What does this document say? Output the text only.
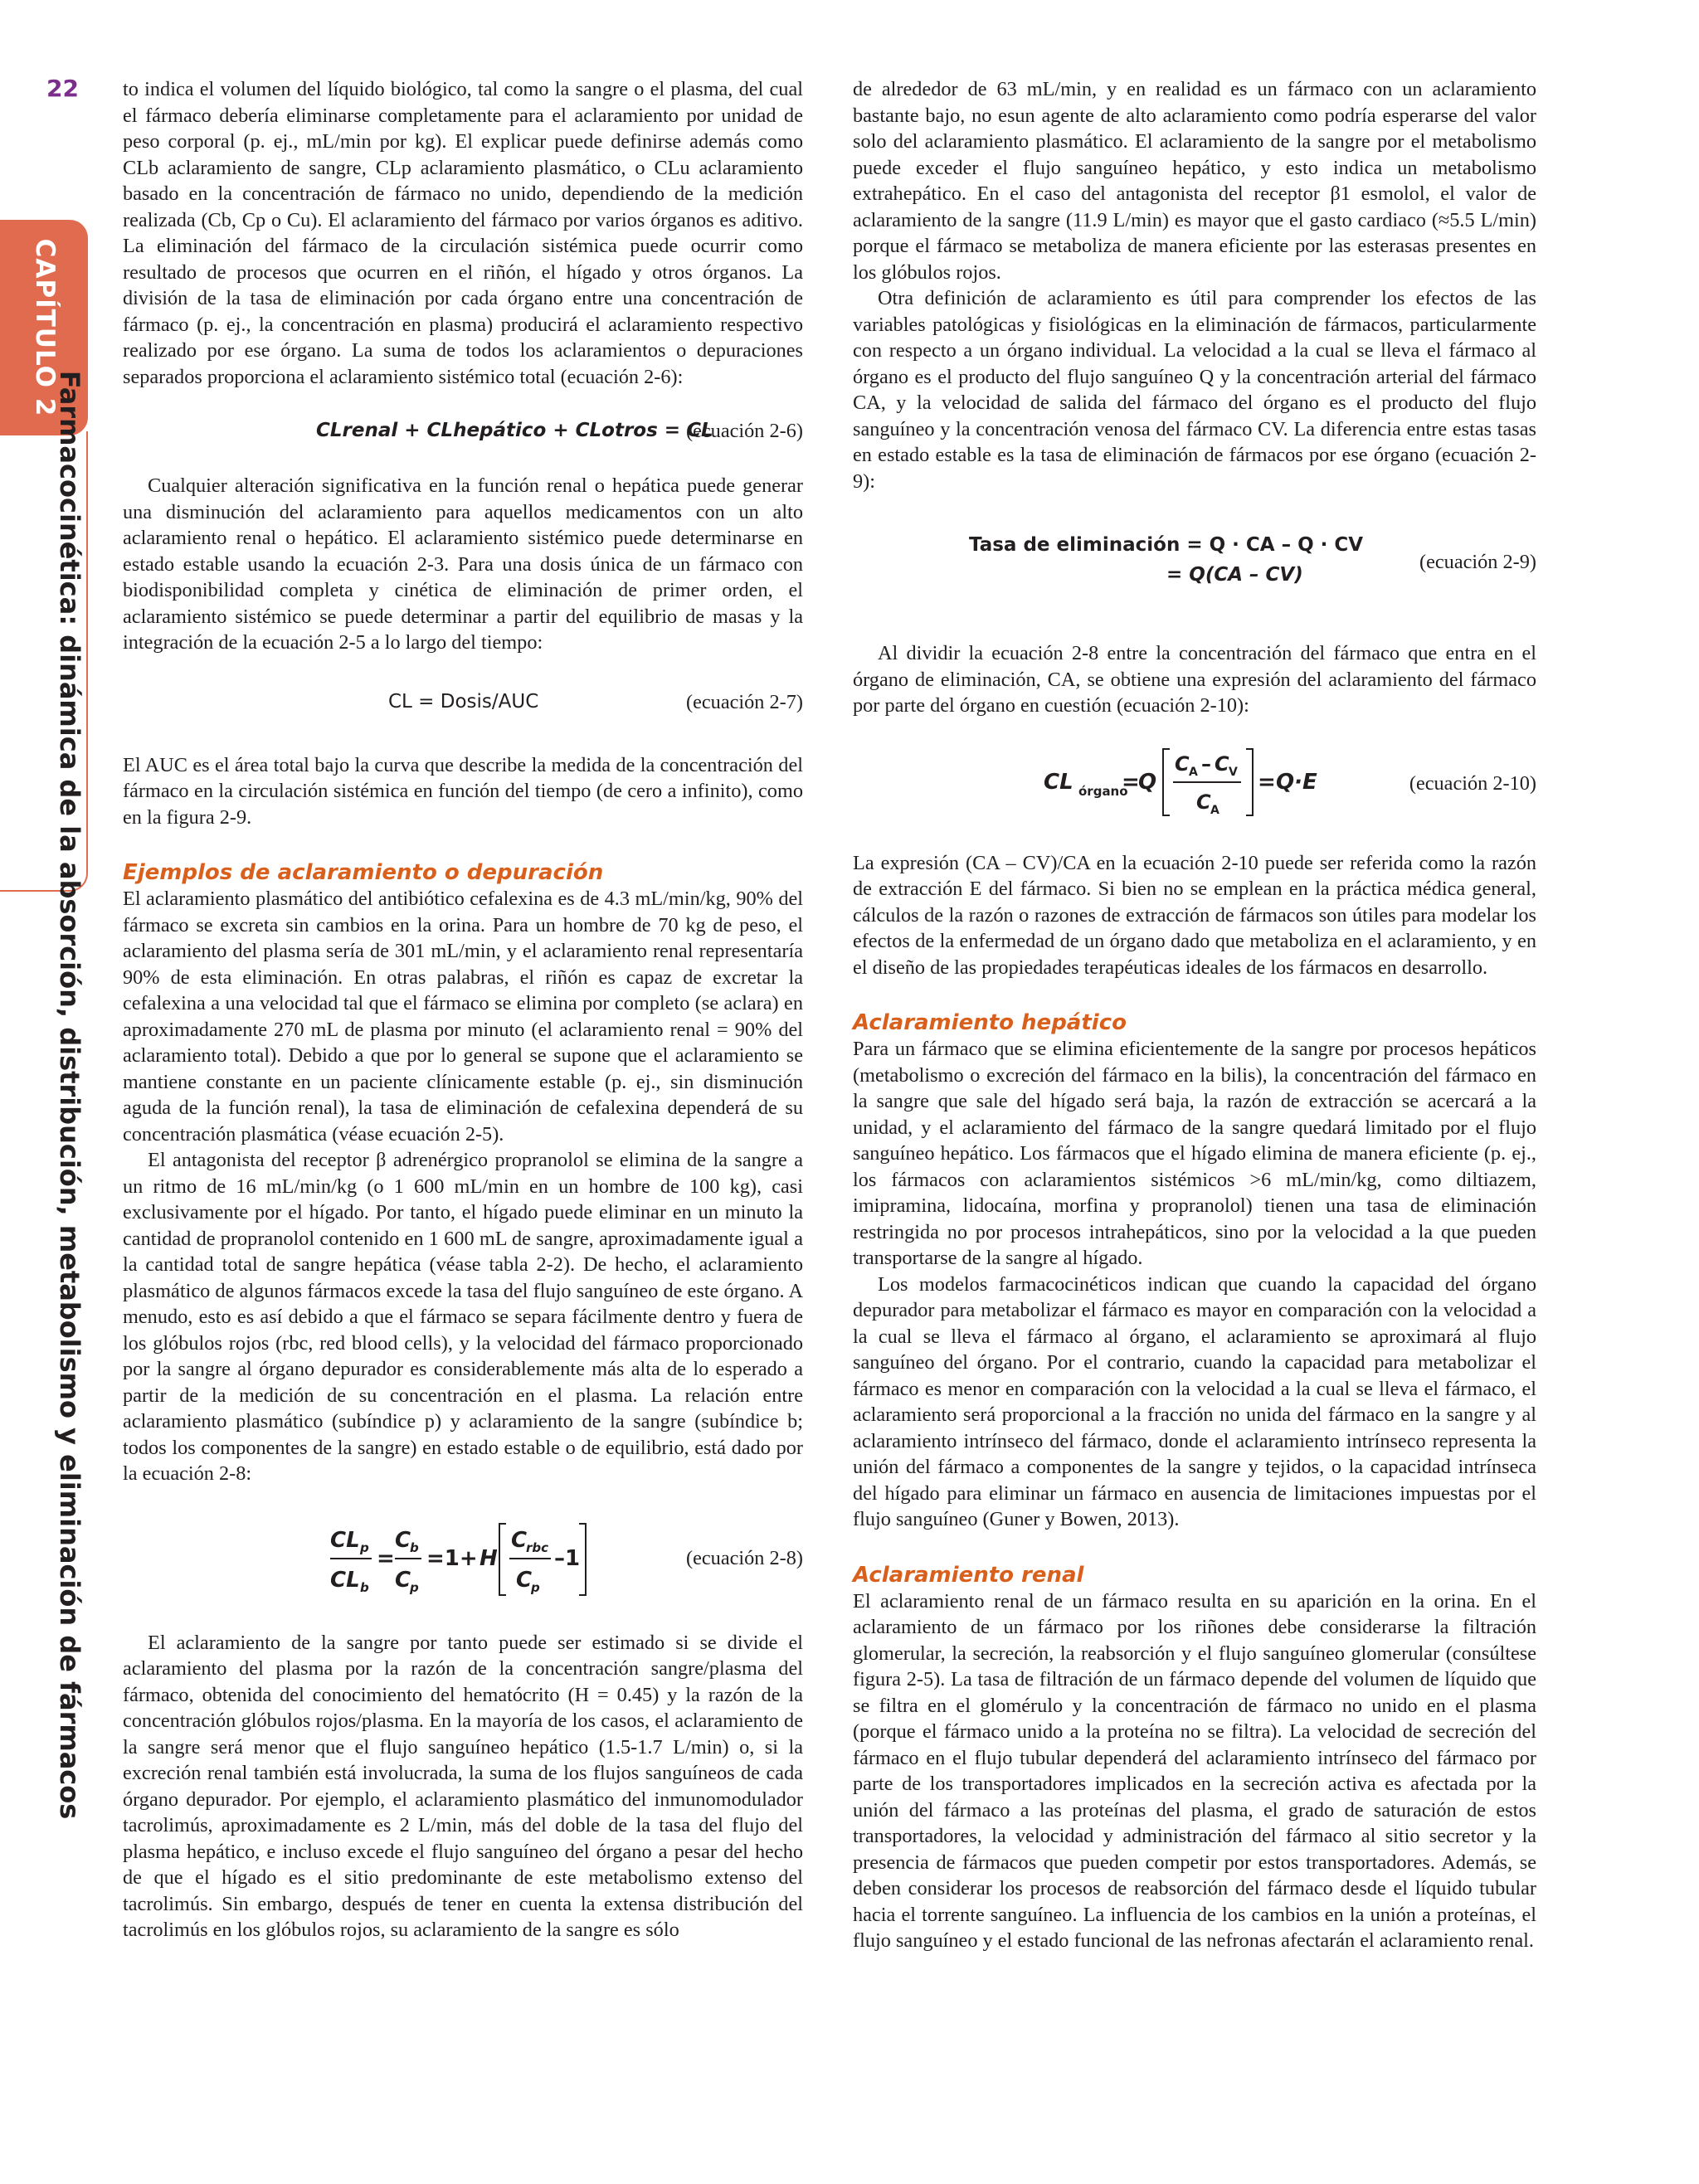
22
CAPÍTULO 2
Farmacocinética: dinámica de la absorción, distribución, metabolismo y eliminación de fármacos

to indica el volumen del líquido biológico, tal como la sangre o el plasma, del cual el fármaco debería eliminarse completamente para el aclaramiento por unidad de peso corporal (p. ej., mL/min por kg). El explicar puede definirse además como CLb aclaramiento de sangre, CLp aclaramiento plasmático, o CLu aclaramiento basado en la concentración de fármaco no unido, dependiendo de la medición realizada (Cb, Cp o Cu). El aclaramiento del fármaco por varios órganos es aditivo. La eliminación del fármaco de la circulación sistémica puede ocurrir como resultado de procesos que ocurren en el riñón, el hígado y otros órganos. La división de la tasa de eliminación por cada órgano entre una concentración de fármaco (p. ej., la concentración en plasma) producirá el aclaramiento respectivo realizado por ese órgano. La suma de todos los aclaramientos o depuraciones separados proporciona el aclaramiento sistémico total (ecuación 2-6):

CLrenal + CLhepático + CLotros = CL
(ecuación 2-6)

Cualquier alteración significativa en la función renal o hepática puede generar una disminución del aclaramiento para aquellos medicamentos con un alto aclaramiento renal o hepático. El aclaramiento sistémico puede determinarse en estado estable usando la ecuación 2-3. Para una dosis única de un fármaco con biodisponibilidad completa y cinética de eliminación de primer orden, el aclaramiento sistémico se puede determinar a partir del equilibrio de masas y la integración de la ecuación 2-5 a lo largo del tiempo:

CL = Dosis/AUC	(ecuación 2-7)

El AUC es el área total bajo la curva que describe la medida de la concentración del fármaco en la circulación sistémica en función del tiempo (de cero a infinito), como en la figura 2-9.

Ejemplos de aclaramiento o depuración

El aclaramiento plasmático del antibiótico cefalexina es de 4.3 mL/min/kg, 90% del fármaco se excreta sin cambios en la orina. Para un hombre de 70 kg de peso, el aclaramiento del plasma sería de 301 mL/min, y el aclaramiento renal representaría 90% de esta eliminación. En otras palabras, el riñón es capaz de excretar la cefalexina a una velocidad tal que el fármaco se elimina por completo (se aclara) en aproximadamente 270 mL de plasma por minuto (el aclaramiento renal = 90% del aclaramiento total). Debido a que por lo general se supone que el aclaramiento se mantiene constante en un paciente clínicamente estable (p. ej., sin disminución aguda de la función renal), la tasa de eliminación de cefalexina dependerá de su concentración plasmática (véase ecuación 2-5).

El antagonista del receptor β adrenérgico propranolol se elimina de la sangre a un ritmo de 16 mL/min/kg (o 1 600 mL/min en un hombre de 100 kg), casi exclusivamente por el hígado. Por tanto, el hígado puede eliminar en un minuto la cantidad de propranolol contenido en 1 600 mL de sangre, aproximadamente igual a la cantidad total de sangre hepática (véase tabla 2-2). De hecho, el aclaramiento plasmático de algunos fármacos excede la tasa del flujo sanguíneo de este órgano. A menudo, esto es así debido a que el fármaco se separa fácilmente dentro y fuera de los glóbulos rojos (rbc, red blood cells), y la velocidad del fármaco proporcionado por la sangre al órgano depurador es considerablemente más alta de lo esperado a partir de la medición de su concentración en el plasma. La relación entre aclaramiento plasmático (subíndice p) y aclaramiento de la sangre (subíndice b; todos los componentes de la sangre) en estado estable o de equilibrio, está dado por la ecuación 2-8:

CL p
CL b
=
C
b
C
p
=1+ H
C
rbc
C
p
–1	(ecuación 2-8)

El aclaramiento de la sangre por tanto puede ser estimado si se divide el aclaramiento del plasma por la razón de la concentración sangre/plasma del fármaco, obtenida del conocimiento del hematócrito (H = 0.45) y la razón de la concentración glóbulos rojos/plasma. En la mayoría de los casos, el aclaramiento de la sangre será menor que el flujo sanguíneo hepático (1.5-1.7 L/min) o, si la excreción renal también está involucrada, la suma de los flujos sanguíneos de cada órgano depurador. Por ejemplo, el aclaramiento plasmático del inmunomodulador tacrolimús, aproximadamente es 2 L/min, más del doble de la tasa del flujo del plasma hepático, e incluso excede el flujo sanguíneo del órgano a pesar del hecho de que el hígado es el sitio predominante de este metabolismo extenso del tacrolimús. Sin embargo, después de tener en cuenta la extensa distribución del tacrolimús en los glóbulos rojos, su aclaramiento de la sangre es sólo

de alrededor de 63 mL/min, y en realidad es un fármaco con un aclaramiento bastante bajo, no esun agente de alto aclaramiento como podría esperarse del valor solo del aclaramiento plasmático. El aclaramiento de la sangre por el metabolismo puede exceder el flujo sanguíneo hepático, y esto indica un metabolismo extrahepático. En el caso del antagonista del receptor β1 esmolol, el valor de aclaramiento de la sangre (11.9 L/min) es mayor que el gasto cardiaco (≈5.5 L/min) porque el fármaco se metaboliza de manera eficiente por las esterasas presentes en los glóbulos rojos.

Otra definición de aclaramiento es útil para comprender los efectos de las variables patológicas y fisiológicas en la eliminación de fármacos, particularmente con respecto a un órgano individual. La velocidad a la cual se lleva el fármaco al órgano es el producto del flujo sanguíneo Q y la concentración arterial del fármaco CA, y la velocidad de salida del fármaco del órgano es el producto del flujo sanguíneo y la concentración venosa del fármaco CV. La diferencia entre estas tasas en estado estable es la tasa de eliminación de fármacos por ese órgano (ecuación 2-9):

Tasa de eliminación = Q · CA – Q · CV
= Q(CA – CV)
(ecuación 2-9)

Al dividir la ecuación 2-8 entre la concentración del fármaco que entra en el órgano de eliminación, CA, se obtiene una expresión del aclaramiento del fármaco por parte del órgano en cuestión (ecuación 2-10):

CL órgano
=
Q
C A – C V
C A
= Q·E	(ecuación 2-10)

La expresión (CA – CV)/CA en la ecuación 2-10 puede ser referida como la razón de extracción E del fármaco. Si bien no se emplean en la práctica médica general, cálculos de la razón o razones de extracción de fármacos son útiles para modelar los efectos de la enfermedad de un órgano dado que metaboliza en el aclaramiento, y en el diseño de las propiedades terapéuticas ideales de los fármacos en desarrollo.

Aclaramiento hepático

Para un fármaco que se elimina eficientemente de la sangre por procesos hepáticos (metabolismo o excreción del fármaco en la bilis), la concentración del fármaco en la sangre que sale del hígado será baja, la razón de extracción se acercará a la unidad, y el aclaramiento del fármaco de la sangre quedará limitado por el flujo sanguíneo hepático. Los fármacos que el hígado elimina de manera eficiente (p. ej., los fármacos con aclaramientos sistémicos >6 mL/min/kg, como diltiazem, imipramina, lidocaína, morfina y propranolol) tienen una tasa de eliminación restringida no por procesos intrahepáticos, sino por la velocidad a la que pueden transportarse de la sangre al hígado.

Los modelos farmacocinéticos indican que cuando la capacidad del órgano depurador para metabolizar el fármaco es mayor en comparación con la velocidad a la cual se lleva el fármaco al órgano, el aclaramiento se aproximará al flujo sanguíneo del órgano. Por el contrario, cuando la capacidad para metabolizar el fármaco es menor en comparación con la velocidad a la cual se lleva el fármaco, el aclaramiento será proporcional a la fracción no unida del fármaco en la sangre y al aclaramiento intrínseco del fármaco, donde el aclaramiento intrínseco representa la unión del fármaco a componentes de la sangre y tejidos, o la capacidad intrínseca del hígado para eliminar un fármaco en ausencia de limitaciones impuestas por el flujo sanguíneo (Guner y Bowen, 2013).

Aclaramiento renal

El aclaramiento renal de un fármaco resulta en su aparición en la orina. En el aclaramiento de un fármaco por los riñones debe considerarse la filtración glomerular, la secreción, la reabsorción y el flujo sanguíneo glomerular (consúltese figura 2-5). La tasa de filtración de un fármaco depende del volumen de líquido que se filtra en el glomérulo y la concentración de fármaco no unido en el plasma (porque el fármaco unido a la proteína no se filtra). La velocidad de secreción del fármaco en el flujo tubular dependerá del aclaramiento intrínseco del fármaco por parte de los transportadores implicados en la secreción activa es afectada por la unión del fármaco a las proteínas del plasma, el grado de saturación de estos transportadores, la velocidad y administración del fármaco al sitio secretor y la presencia de fármacos que pueden competir por estos transportadores. Además, se deben considerar los procesos de reabsorción del fármaco desde el líquido tubular hacia el torrente sanguíneo. La influencia de los cambios en la unión a proteínas, el flujo sanguíneo y el estado funcional de las nefronas afectarán el aclaramiento renal.
